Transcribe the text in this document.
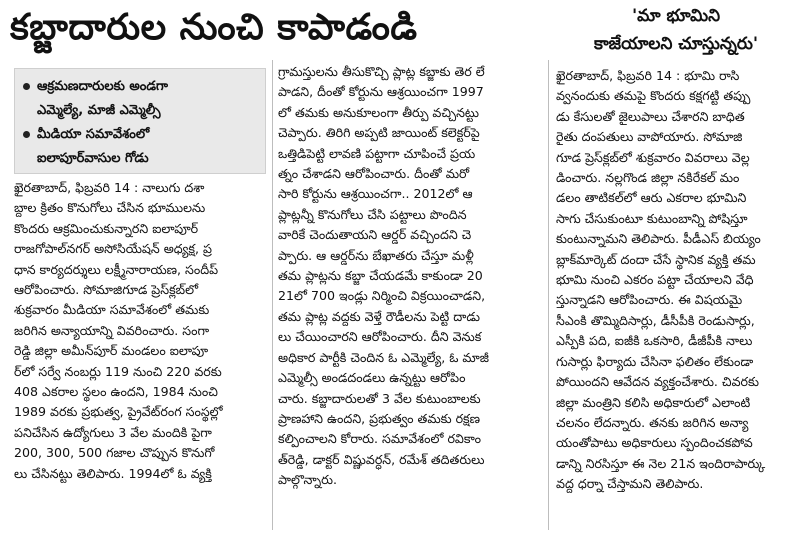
కబ్జాదారుల నుంచి కాపాడండి	'మా భూమిని
కాజేయాలని చూస్తున్నరు'
ఆక్రమణదారులకు అండగా
ఎమ్మెల్యే, మాజీ ఎమ్మెల్సీ
మీడియా సమావేశంలో
ఐలాపూర్‌వాసుల గోడు
ఖైరతాబాద్, ఫిబ్రవరి 14 : నాలుగు దశా
బ్దాల క్రితం కొనుగోలు చేసిన భూములను
కొందరు ఆక్రమించుకున్నారని ఐలాపూర్
రాజగోపాల్‌నగర్ అసోసియేషన్ అధ్యక్ష, ప్ర
ధాన కార్యదర్శులు లక్ష్మీనారాయణ, సందీప్
ఆరోపించారు. సోమాజిగూడ ప్రెస్‌క్లబ్‌లో
శుక్రవారం మీడియా సమావేశంలో తమకు
జరిగిన అన్యాయాన్ని వివరించారు. సంగా
రెడ్డి జిల్లా అమీన్‌పూర్ మండలం ఐలాపూ
ర్‌లో సర్వే నంబర్లు 119 నుంచి 220 వరకు
408 ఎకరాల స్థలం ఉందని, 1984 నుంచి
1989 వరకు ప్రభుత్వ, ప్రైవేట్‌రంగ సంస్థల్లో
పనిచేసిన ఉద్యోగులు 3 వేల మందికి పైగా
200, 300, 500 గజాల చొప్పున కొనుగో
లు చేసినట్టు తెలిపారు. 1994లో ఓ వ్యక్తి
గ్రామస్తులను తీసుకొచ్చి ప్లాట్ల కబ్జాకు తెర లే
పాడని, దీంతో కోర్టును ఆశ్రయించగా 1997
లో తమకు అనుకూలంగా తీర్పు వచ్చినట్టు
చెప్పారు. తిరిగి అప్పటి జాయింట్ కలెక్టర్‌పై
ఒత్తిడిపెట్టి లావణి పట్టాగా చూపించే ప్రయ
త్నం చేశాడని ఆరోపించారు. దీంతో మరో
సారి కోర్టును ఆశ్రయించగా.. 2012లో ఆ
ప్లాట్లన్నీ కొనుగోలు చేసి పట్టాలు పొందిన
వారికే చెందుతాయని ఆర్డర్ వచ్చిందని చె
ప్పారు. ఆ ఆర్డర్‌ను బేఖాతరు చేస్తూ మళ్లీ
తమ ప్లాట్లను కబ్జా చేయడమే కాకుండా 20
21లో 700 ఇండ్లు నిర్మించి విక్రయించాడని,
తమ ప్లాట్ల వద్దకు వెళ్తే రౌడీలను పెట్టి దాడు
లు చేయించారని ఆరోపించారు. దీని వెనుక
అధికార పార్టీకి చెందిన ఓ ఎమ్మెల్యే, ఓ మాజీ
ఎమ్మెల్సీ అండదండలు ఉన్నట్టు ఆరోపిం
చారు. కబ్జాదారులతో 3 వేల కుటుంబాలకు
ప్రాణహాని ఉందని, ప్రభుత్వం తమకు రక్షణ
కల్పించాలని కోరారు. సమావేశంలో రవికాం
త్‌రెడ్డి, డాక్టర్ విష్ణువర్ధన్, రమేశ్ తదితరులు
పాల్గొన్నారు.
ఖైరతాబాద్, ఫిబ్రవరి 14 : భూమి రాసి
వ్వనందుకు తమపై కొందరు కక్షగట్టి తప్పు
డు కేసులతో జైలుపాలు చేశారని బాధిత
రైతు దంపతులు వాపోయారు. సోమాజి
గూడ ప్రెస్‌క్లబ్‌లో శుక్రవారం వివరాలు వెల్ల
డించారు. నల్లగొండ జిల్లా నకిరేకల్ మం
డలం తాటికల్‌లో ఆరు ఎకరాల భూమిని
సాగు చేసుకుంటూ కుటుంబాన్ని పోషిస్తూ
కుంటున్నామని తెలిపారు. పీడీఎస్ బియ్యం
బ్లాక్‌మార్కెట్ దందా చేసే స్థానిక వ్యక్తి తమ
భూమి నుంచి ఎకరం పట్టా చేయాలని వేధి
స్తున్నాడని ఆరోపించారు. ఈ విషయమై
సీఎంకి తొమ్మిదిసార్లు, డీసీపీకి రెండుసార్లు,
ఎస్పీకి పది, ఐజీకి ఒకసారి, డీజీపీకి నాలు
గుసార్లు ఫిర్యాదు చేసినా ఫలితం లేకుండా
పోయిందని ఆవేదన వ్యక్తంచేశారు. చివరకు
జిల్లా మంత్రిని కలిసి అధికారులో ఎలాంటి
చలనం లేదన్నారు. తనకు జరిగిన అన్యా
యంతోపాటు అధికారులు స్పందించకపోవ
డాన్ని నిరసిస్తూ ఈ నెల 21న ఇందిరాపార్కు
వద్ద ధర్నా చేస్తామని తెలిపారు.
